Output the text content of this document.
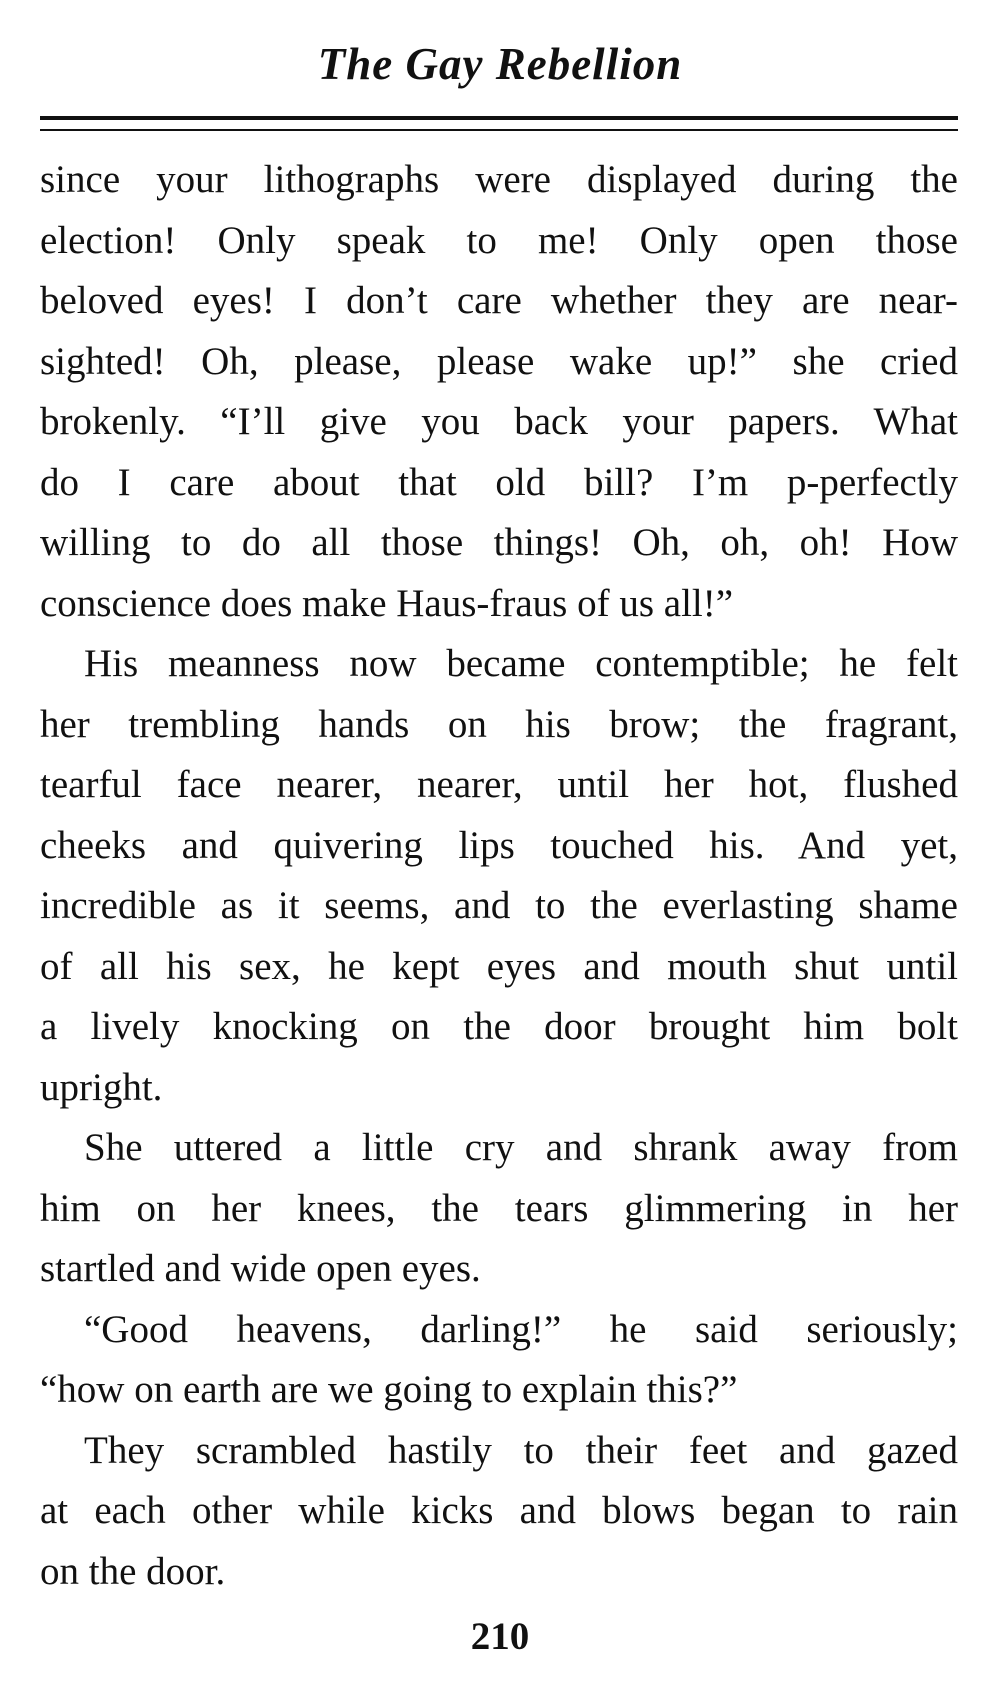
The Gay Rebellion
since your lithographs were displayed during the
election! Only speak to me! Only open those
beloved eyes! I don’t care whether they are near-
sighted! Oh, please, please wake up!” she cried
brokenly. “I’ll give you back your papers. What
do I care about that old bill? I’m p-perfectly
willing to do all those things! Oh, oh, oh! How
conscience does make Haus-fraus of us all!”
His meanness now became contemptible; he felt
her trembling hands on his brow; the fragrant,
tearful face nearer, nearer, until her hot, flushed
cheeks and quivering lips touched his. And yet,
incredible as it seems, and to the everlasting shame
of all his sex, he kept eyes and mouth shut until
a lively knocking on the door brought him bolt
upright.
She uttered a little cry and shrank away from
him on her knees, the tears glimmering in her
startled and wide open eyes.
“Good heavens, darling!” he said seriously;
“how on earth are we going to explain this?”
They scrambled hastily to their feet and gazed
at each other while kicks and blows began to rain
on the door.
210
